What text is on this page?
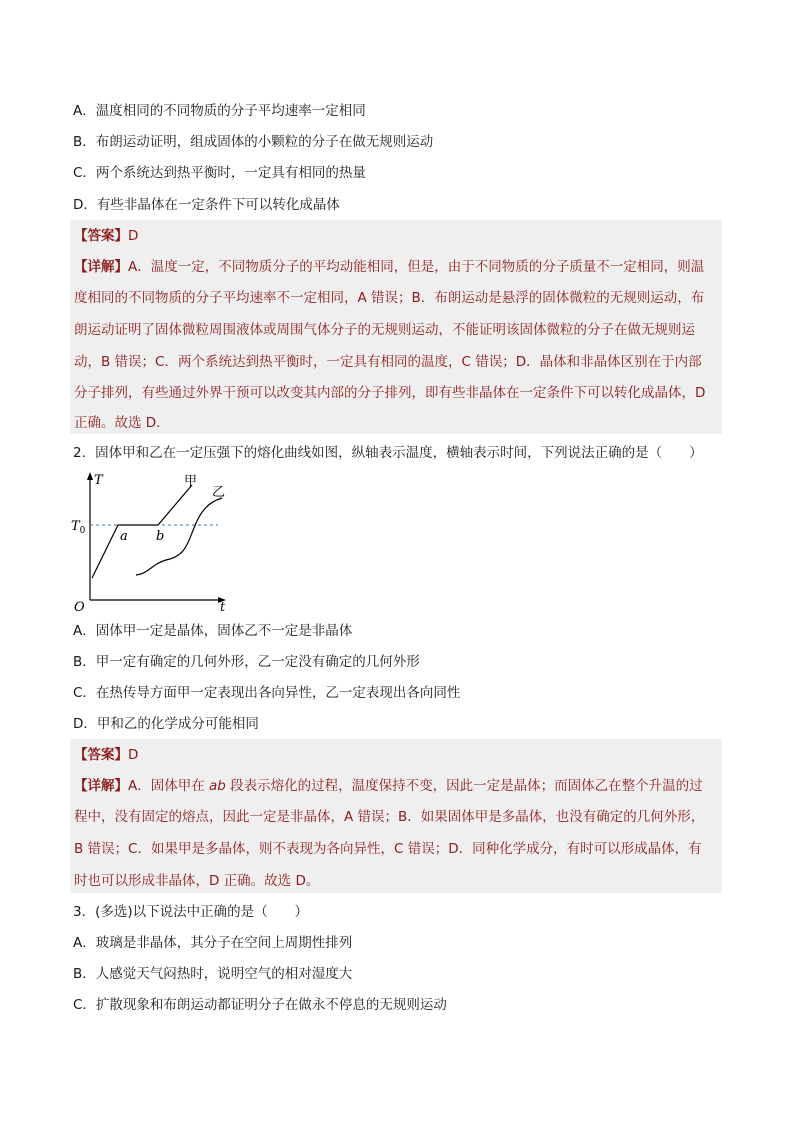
A．温度相同的不同物质的分子平均速率一定相同
B．布朗运动证明，组成固体的小颗粒的分子在做无规则运动
C．两个系统达到热平衡时，一定具有相同的热量
D．有些非晶体在一定条件下可以转化成晶体
【答案】D
【详解】A．温度一定，不同物质分子的平均动能相同，但是，由于不同物质的分子质量不一定相同，则温
度相同的不同物质的分子平均速率不一定相同，A 错误；B．布朗运动是悬浮的固体微粒的无规则运动，布
朗运动证明了固体微粒周围液体或周围气体分子的无规则运动，不能证明该固体微粒的分子在做无规则运
动，B 错误；C．两个系统达到热平衡时，一定具有相同的温度，C 错误；D．晶体和非晶体区别在于内部
分子排列，有些通过外界干预可以改变其内部的分子排列，即有些非晶体在一定条件下可以转化成晶体，D
正确。故选 D.
2．固体甲和乙在一定压强下的熔化曲线如图，纵轴表示温度，横轴表示时间，下列说法正确的是（　　）
T
t
O
$T_0$	a b
甲
乙
A．固体甲一定是晶体，固体乙不一定是非晶体
B．甲一定有确定的几何外形，乙一定没有确定的几何外形
C．在热传导方面甲一定表现出各向异性，乙一定表现出各向同性
D．甲和乙的化学成分可能相同
【答案】D
【详解】A．固体甲在 ab 段表示熔化的过程，温度保持不变，因此一定是晶体；而固体乙在整个升温的过
程中，没有固定的熔点，因此一定是非晶体，A 错误；B．如果固体甲是多晶体，也没有确定的几何外形，
B 错误；C．如果甲是多晶体，则不表现为各向异性，C 错误；D．同种化学成分，有时可以形成晶体，有
时也可以形成非晶体，D 正确。故选 D。
3．(多选)以下说法中正确的是（　　）
A．玻璃是非晶体，其分子在空间上周期性排列
B．人感觉天气闷热时，说明空气的相对湿度大
C．扩散现象和布朗运动都证明分子在做永不停息的无规则运动
